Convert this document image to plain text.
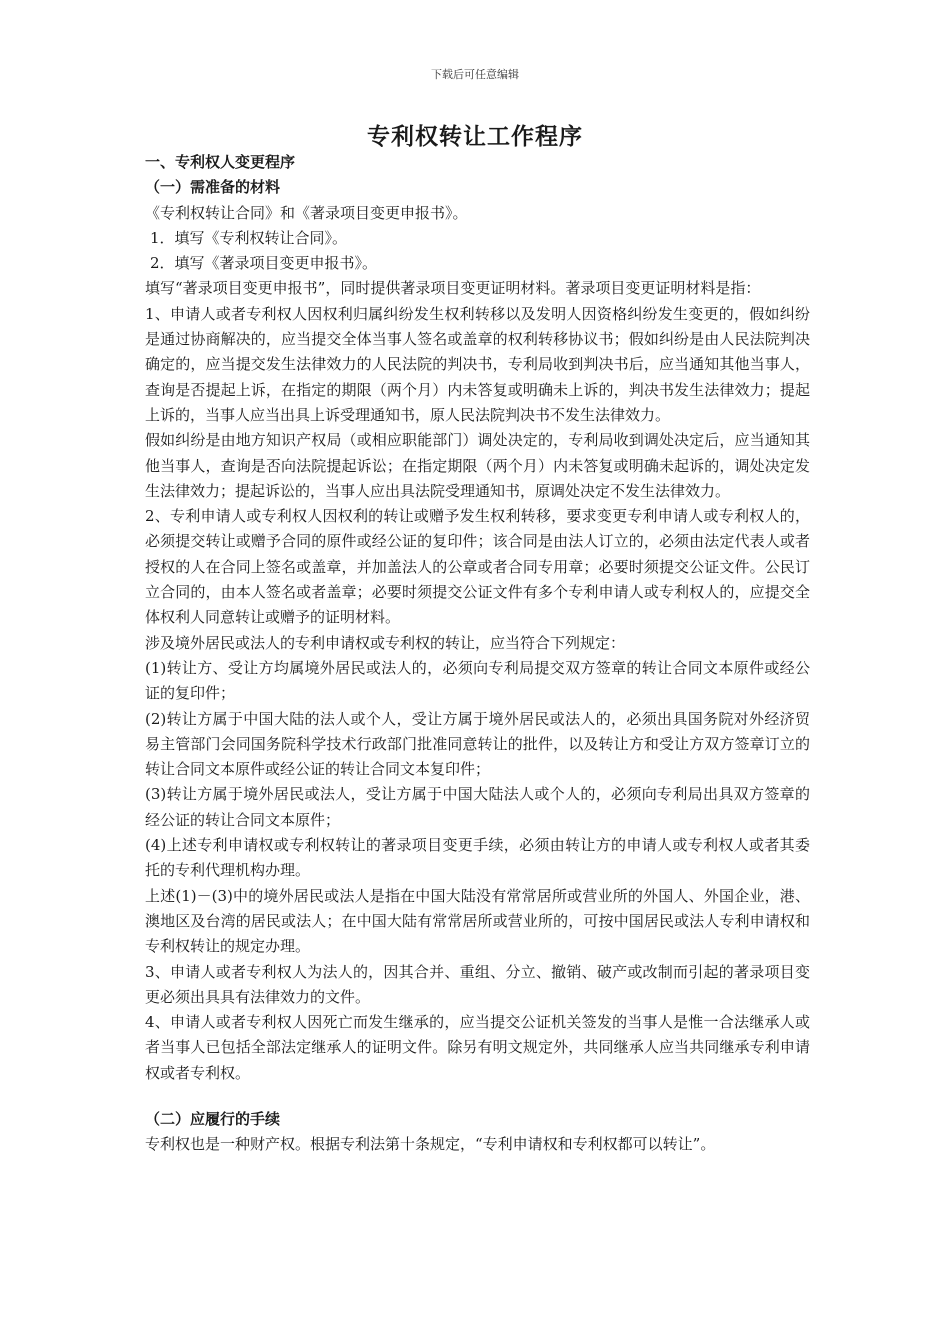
下载后可任意编辑
专利权转让工作程序

一、专利权人变更程序

（一）需准备的材料

《专利权转让合同》和《著录项目变更申报书》。

1．填写《专利权转让合同》。

2．填写《著录项目变更申报书》。

填写“著录项目变更申报书”，同时提供著录项目变更证明材料。著录项目变更证明材料是指：

1、申请人或者专利权人因权利归属纠纷发生权利转移以及发明人因资格纠纷发生变更的，假如纠纷是通过协商解决的，应当提交全体当事人签名或盖章的权利转移协议书；假如纠纷是由人民法院判决确定的，应当提交发生法律效力的人民法院的判决书，专利局收到判决书后，应当通知其他当事人，查询是否提起上诉，在指定的期限（两个月）内未答复或明确未上诉的，判决书发生法律效力；提起上诉的，当事人应当出具上诉受理通知书，原人民法院判决书不发生法律效力。

假如纠纷是由地方知识产权局（或相应职能部门）调处决定的，专利局收到调处决定后，应当通知其他当事人，查询是否向法院提起诉讼；在指定期限（两个月）内未答复或明确未起诉的，调处决定发生法律效力；提起诉讼的，当事人应出具法院受理通知书，原调处决定不发生法律效力。

2、专利申请人或专利权人因权利的转让或赠予发生权利转移，要求变更专利申请人或专利权人的，必须提交转让或赠予合同的原件或经公证的复印件；该合同是由法人订立的，必须由法定代表人或者授权的人在合同上签名或盖章，并加盖法人的公章或者合同专用章；必要时须提交公证文件。公民订立合同的，由本人签名或者盖章；必要时须提交公证文件有多个专利申请人或专利权人的，应提交全体权利人同意转让或赠予的证明材料。

涉及境外居民或法人的专利申请权或专利权的转让，应当符合下列规定：

(1)转让方、受让方均属境外居民或法人的，必须向专利局提交双方签章的转让合同文本原件或经公证的复印件；

(2)转让方属于中国大陆的法人或个人，受让方属于境外居民或法人的，必须出具国务院对外经济贸易主管部门会同国务院科学技术行政部门批准同意转让的批件，以及转让方和受让方双方签章订立的转让合同文本原件或经公证的转让合同文本复印件；

(3)转让方属于境外居民或法人，受让方属于中国大陆法人或个人的，必须向专利局出具双方签章的经公证的转让合同文本原件；

(4)上述专利申请权或专利权转让的著录项目变更手续，必须由转让方的申请人或专利权人或者其委托的专利代理机构办理。

上述(1)－(3)中的境外居民或法人是指在中国大陆没有常常居所或营业所的外国人、外国企业，港、澳地区及台湾的居民或法人；在中国大陆有常常居所或营业所的，可按中国居民或法人专利申请权和专利权转让的规定办理。

3、申请人或者专利权人为法人的，因其合并、重组、分立、撤销、破产或改制而引起的著录项目变更必须出具具有法律效力的文件。

4、申请人或者专利权人因死亡而发生继承的，应当提交公证机关签发的当事人是惟一合法继承人或者当事人已包括全部法定继承人的证明文件。除另有明文规定外，共同继承人应当共同继承专利申请权或者专利权。

（二）应履行的手续

专利权也是一种财产权。根据专利法第十条规定，“专利申请权和专利权都可以转让”。
